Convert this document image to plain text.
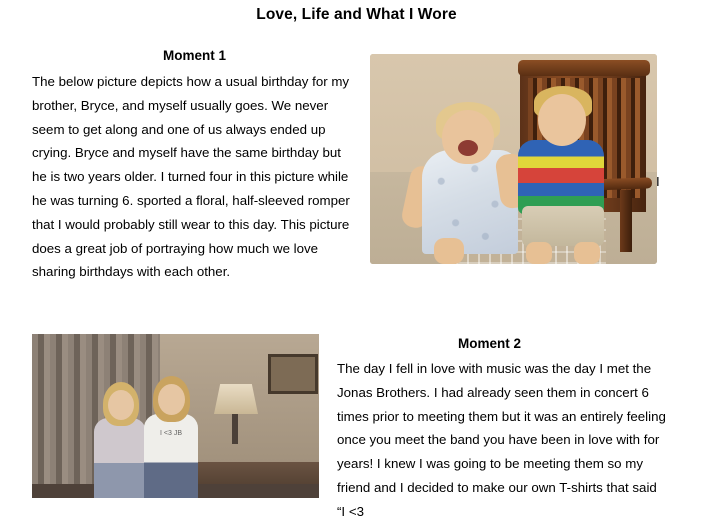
Love, Life and What I Wore
Moment 1
The below picture depicts how a usual birthday for my brother, Bryce, and myself usually goes. We never seem to get along and one of us always ended up crying. Bryce and myself have the same birthday but he is two years older. I turned four in this picture while he was turning 6. sported a floral, half-sleeved romper that I would probably still wear to this day. This picture does a great job of portraying how much we love sharing birthdays with each other.
I
Moment 2
The day I fell in love with music was the day I met the Jonas Brothers. I had already seen them in concert 6 times prior to meeting them but it was an entirely feeling once you meet the band you have been in love with for years! I knew I was going to be meeting them so my friend and I decided to make our own T-shirts that said “I <3
I <3 JB
